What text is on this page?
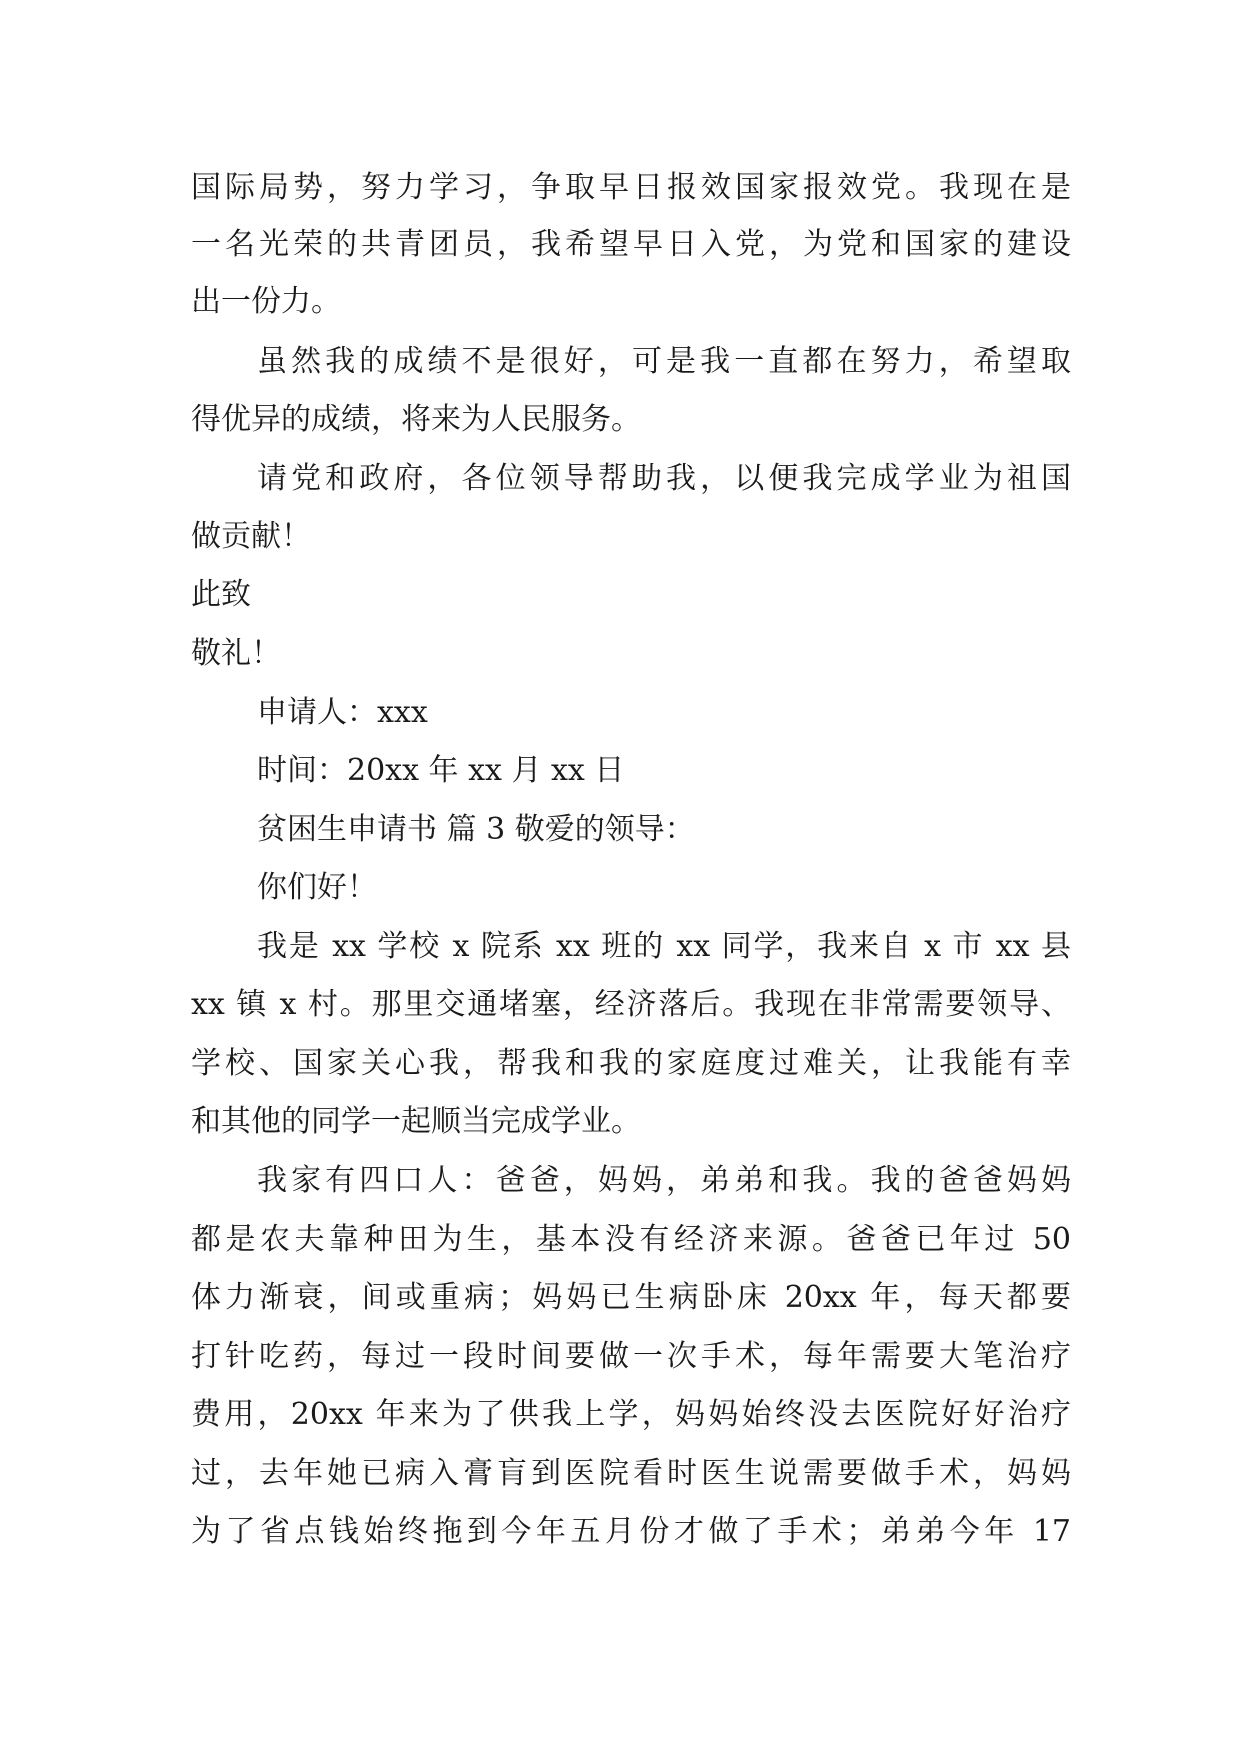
国际局势，努力学习，争取早日报效国家报效党。我现在是
一名光荣的共青团员，我希望早日入党，为党和国家的建设
出一份力。
虽然我的成绩不是很好，可是我一直都在努力，希望取
得优异的成绩，将来为人民服务。
请党和政府，各位领导帮助我，以便我完成学业为祖国
做贡献！
此致
敬礼！
申请人：xxx
时间：20xx 年 xx 月 xx 日
贫困生申请书 篇 3 敬爱的领导：
你们好！
我是 xx 学校 x 院系 xx 班的 xx 同学，我来自 x 市 xx 县
xx 镇 x 村。那里交通堵塞，经济落后。我现在非常需要领导、
学校、国家关心我，帮我和我的家庭度过难关，让我能有幸
和其他的同学一起顺当完成学业。
我家有四口人：爸爸，妈妈，弟弟和我。我的爸爸妈妈
都是农夫靠种田为生，基本没有经济来源。爸爸已年过 50
体力渐衰，间或重病；妈妈已生病卧床 20xx 年，每天都要
打针吃药，每过一段时间要做一次手术，每年需要大笔治疗
费用，20xx 年来为了供我上学，妈妈始终没去医院好好治疗
过，去年她已病入膏肓到医院看时医生说需要做手术，妈妈
为了省点钱始终拖到今年五月份才做了手术；弟弟今年 17
